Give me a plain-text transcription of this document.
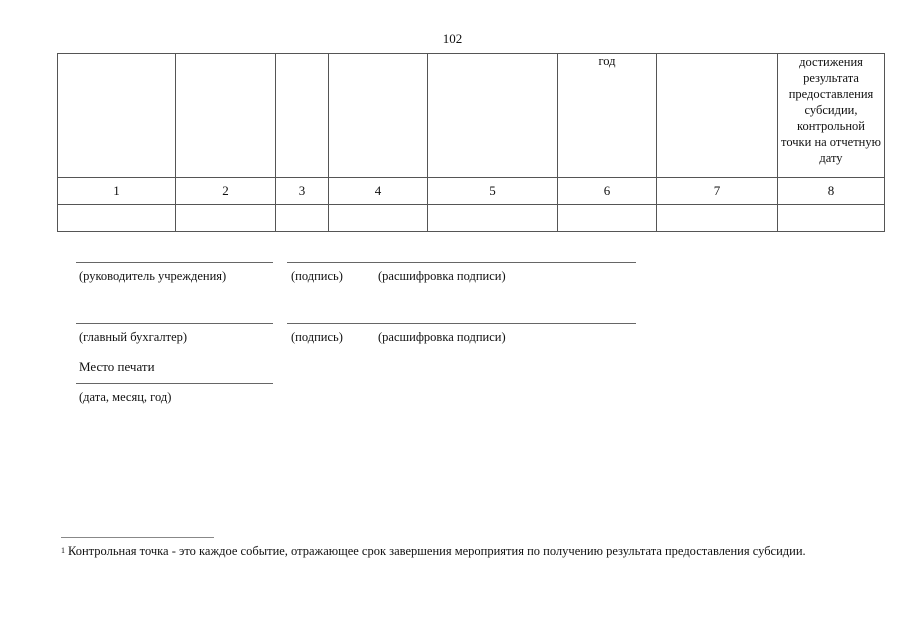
102
					год		достижения результата предоставления субсидии, контрольной точки на отчетную дату

1	2	3	4	5	6	7	8

(руководитель учреждения)	(подпись)	(расшифровка подписи)
(главный бухгалтер)	(подпись)	(расшифровка подписи)
Место печати
(дата, месяц, год)
$^1$ Контрольная точка - это каждое событие, отражающее срок завершения мероприятия по получению результата предоставления субсидии.
